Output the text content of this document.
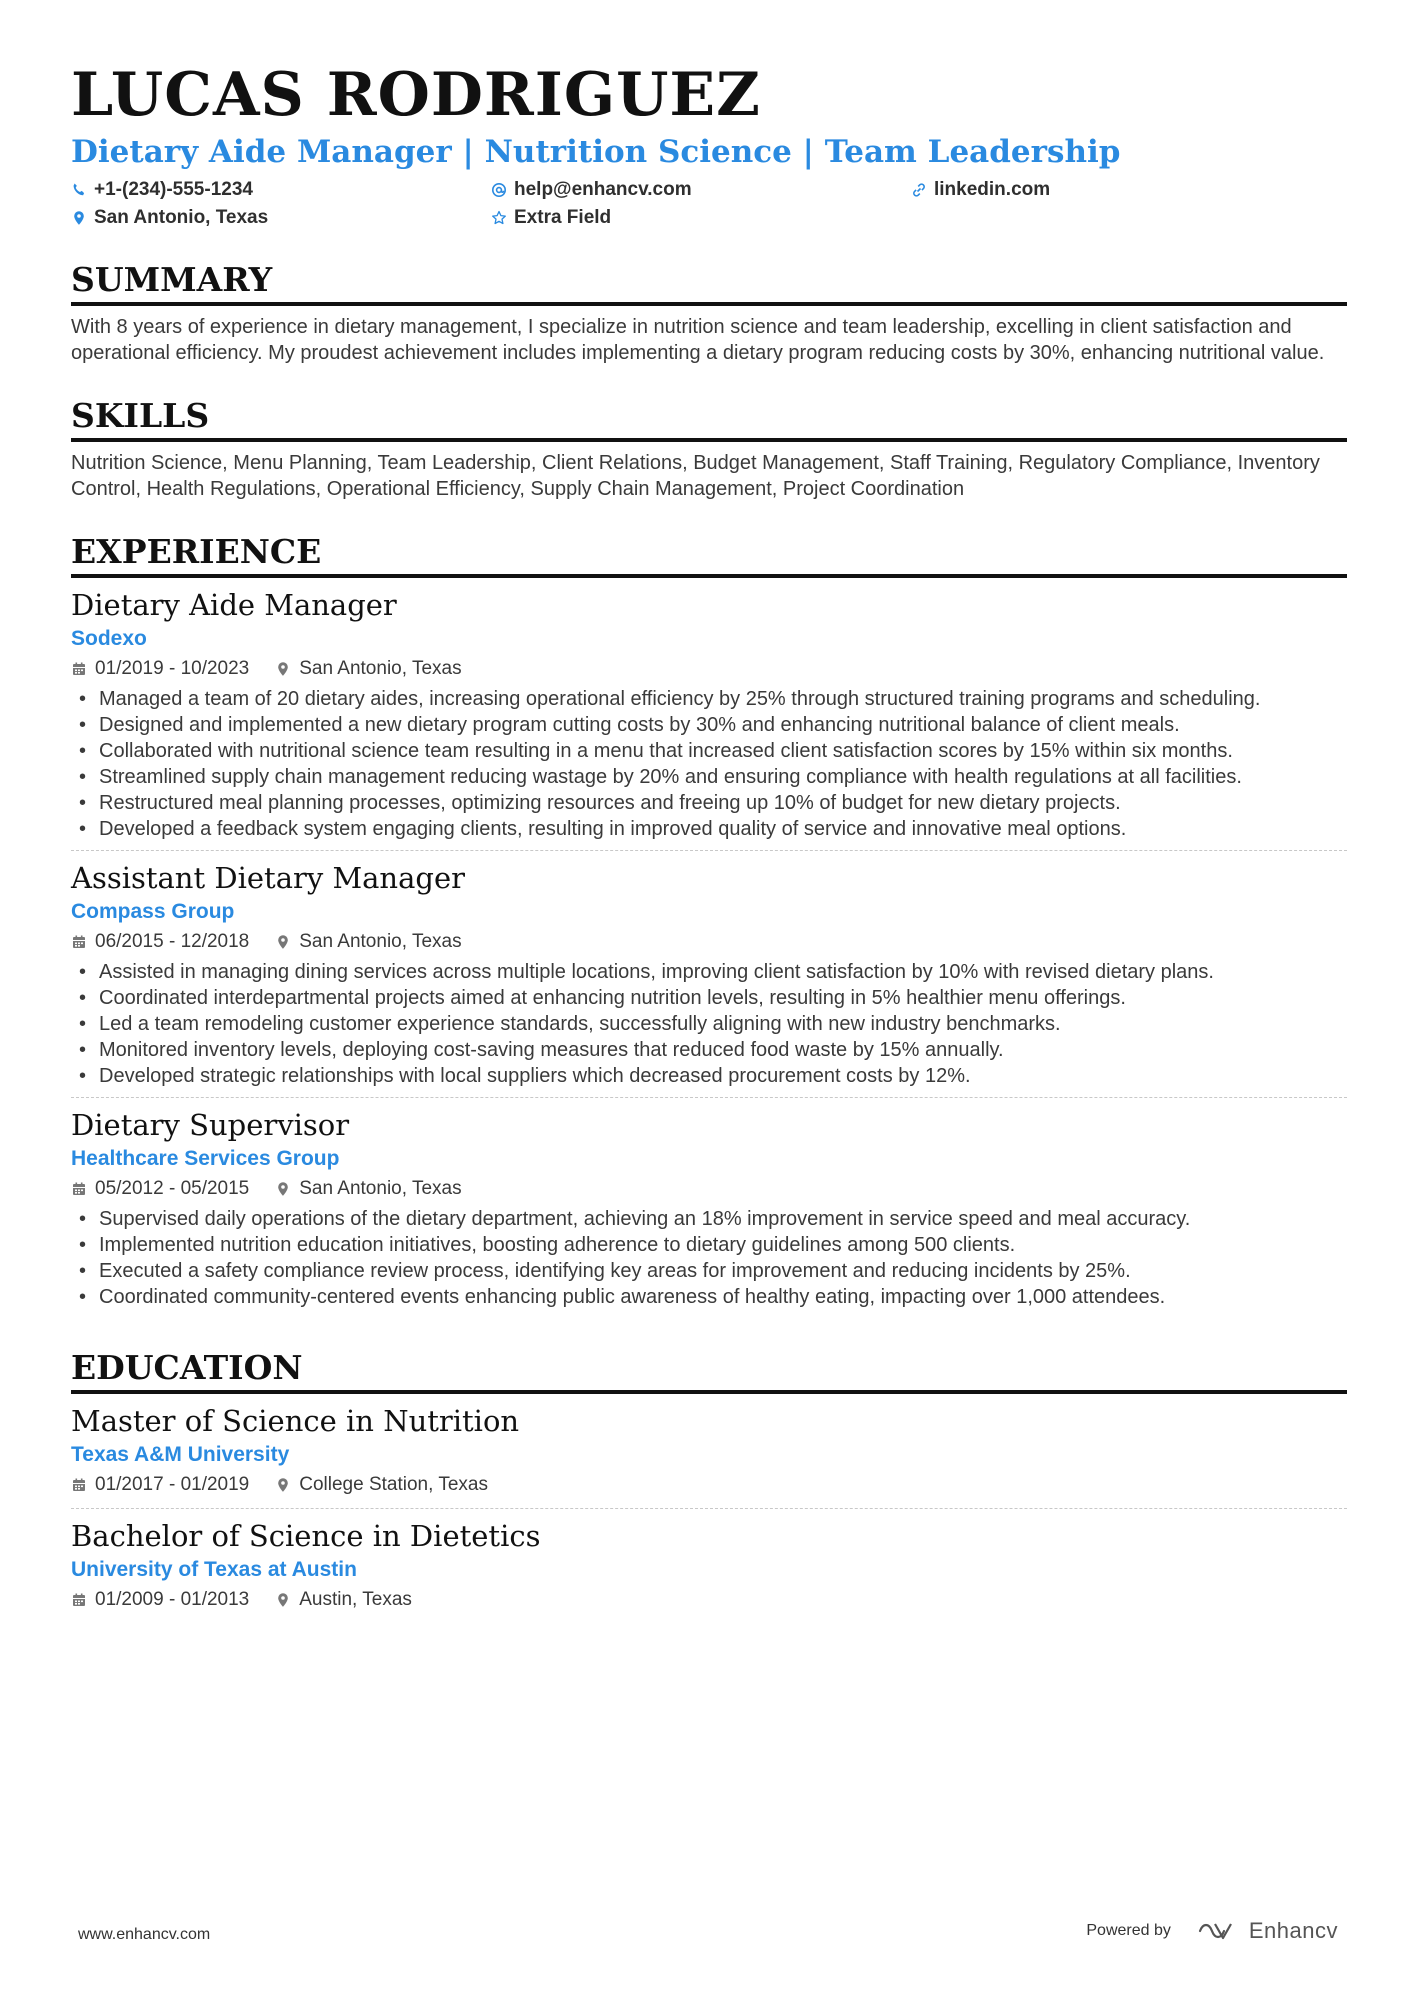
LUCAS RODRIGUEZ
Dietary Aide Manager | Nutrition Science | Team Leadership
+1-(234)-555-1234	help@enhancv.com	linkedin.com
San Antonio, Texas	Extra Field
SUMMARY
With 8 years of experience in dietary management, I specialize in nutrition science and team leadership, excelling in client satisfaction and operational efficiency. My proudest achievement includes implementing a dietary program reducing costs by 30%, enhancing nutritional value.
SKILLS
Nutrition Science, Menu Planning, Team Leadership, Client Relations, Budget Management, Staff Training, Regulatory Compliance, Inventory Control, Health Regulations, Operational Efficiency, Supply Chain Management, Project Coordination
EXPERIENCE
Dietary Aide Manager
Sodexo
01/2019 - 10/2023	San Antonio, Texas
• Managed a team of 20 dietary aides, increasing operational efficiency by 25% through structured training programs and scheduling.
• Designed and implemented a new dietary program cutting costs by 30% and enhancing nutritional balance of client meals.
• Collaborated with nutritional science team resulting in a menu that increased client satisfaction scores by 15% within six months.
• Streamlined supply chain management reducing wastage by 20% and ensuring compliance with health regulations at all facilities.
• Restructured meal planning processes, optimizing resources and freeing up 10% of budget for new dietary projects.
• Developed a feedback system engaging clients, resulting in improved quality of service and innovative meal options.
Assistant Dietary Manager
Compass Group
06/2015 - 12/2018	San Antonio, Texas
• Assisted in managing dining services across multiple locations, improving client satisfaction by 10% with revised dietary plans.
• Coordinated interdepartmental projects aimed at enhancing nutrition levels, resulting in 5% healthier menu offerings.
• Led a team remodeling customer experience standards, successfully aligning with new industry benchmarks.
• Monitored inventory levels, deploying cost-saving measures that reduced food waste by 15% annually.
• Developed strategic relationships with local suppliers which decreased procurement costs by 12%.
Dietary Supervisor
Healthcare Services Group
05/2012 - 05/2015	San Antonio, Texas
• Supervised daily operations of the dietary department, achieving an 18% improvement in service speed and meal accuracy.
• Implemented nutrition education initiatives, boosting adherence to dietary guidelines among 500 clients.
• Executed a safety compliance review process, identifying key areas for improvement and reducing incidents by 25%.
• Coordinated community-centered events enhancing public awareness of healthy eating, impacting over 1,000 attendees.
EDUCATION
Master of Science in Nutrition
Texas A&M University
01/2017 - 01/2019	College Station, Texas
Bachelor of Science in Dietetics
University of Texas at Austin
01/2009 - 01/2013	Austin, Texas
www.enhancv.com	Powered by	Enhancv
